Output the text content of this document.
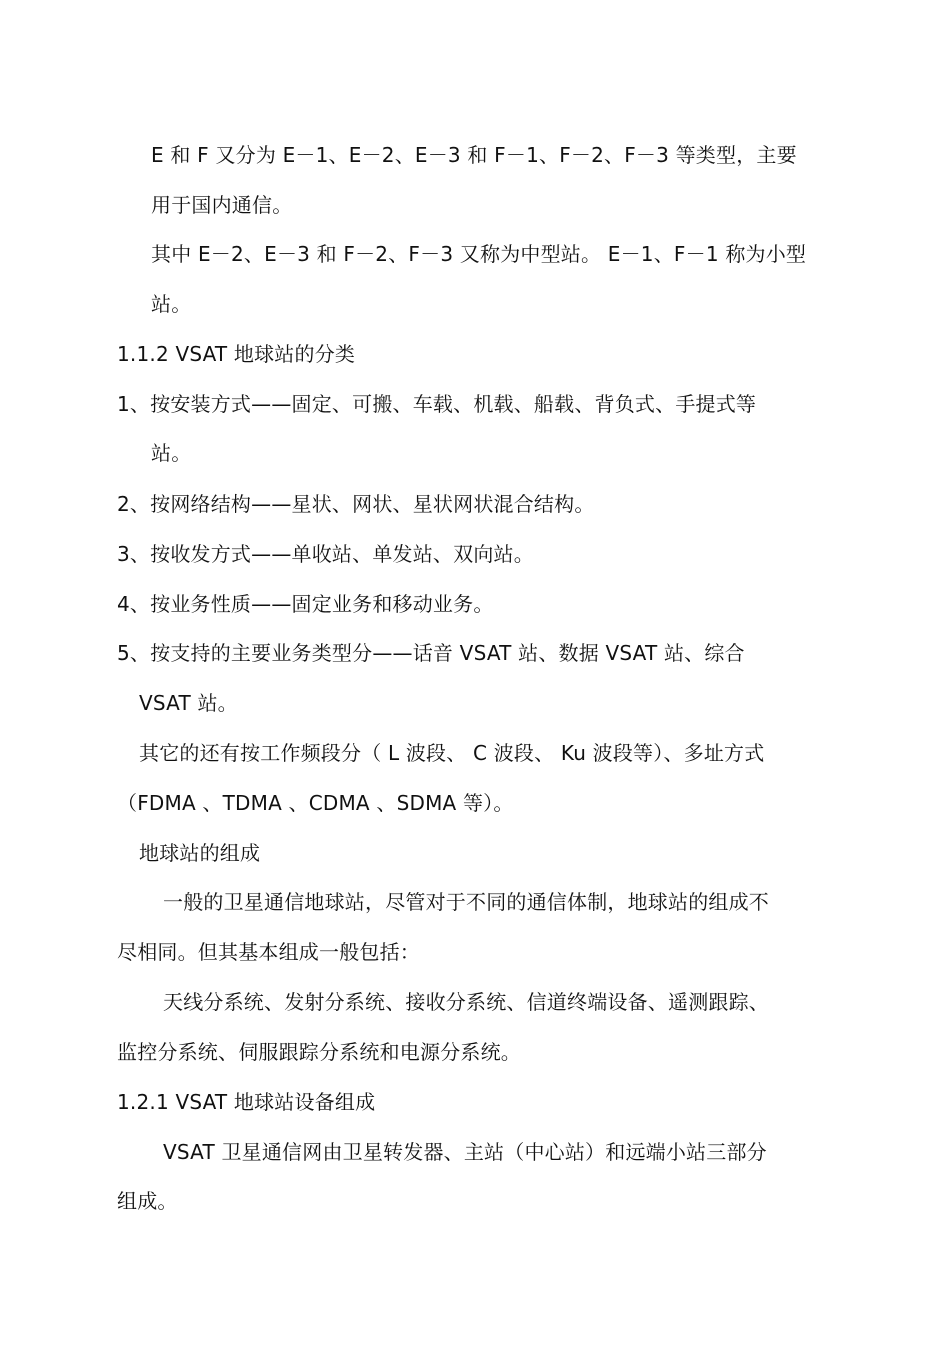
E 和 F 又分为 E－1、E－2、E－3 和 F－1、F－2、F－3 等类型，主要
用于国内通信。
其中 E－2、E－3 和 F－2、F－3 又称为中型站。 E－1、F－1 称为小型
站。
1.1.2 VSAT 地球站的分类
1、按安装方式——固定、可搬、车载、机载、船载、背负式、手提式等
站。
2、按网络结构——星状、网状、星状网状混合结构。
3、按收发方式——单收站、单发站、双向站。
4、按业务性质——固定业务和移动业务。
5、按支持的主要业务类型分——话音 VSAT 站、数据 VSAT 站、综合
VSAT 站。
其它的还有按工作频段分（ L 波段、 C 波段、 Ku 波段等）、多址方式
（FDMA 、TDMA 、CDMA 、SDMA 等）。
地球站的组成
一般的卫星通信地球站，尽管对于不同的通信体制，地球站的组成不
尽相同。但其基本组成一般包括：
天线分系统、发射分系统、接收分系统、信道终端设备、遥测跟踪、
监控分系统、伺服跟踪分系统和电源分系统。
1.2.1 VSAT 地球站设备组成
VSAT 卫星通信网由卫星转发器、主站（中心站）和远端小站三部分
组成。
